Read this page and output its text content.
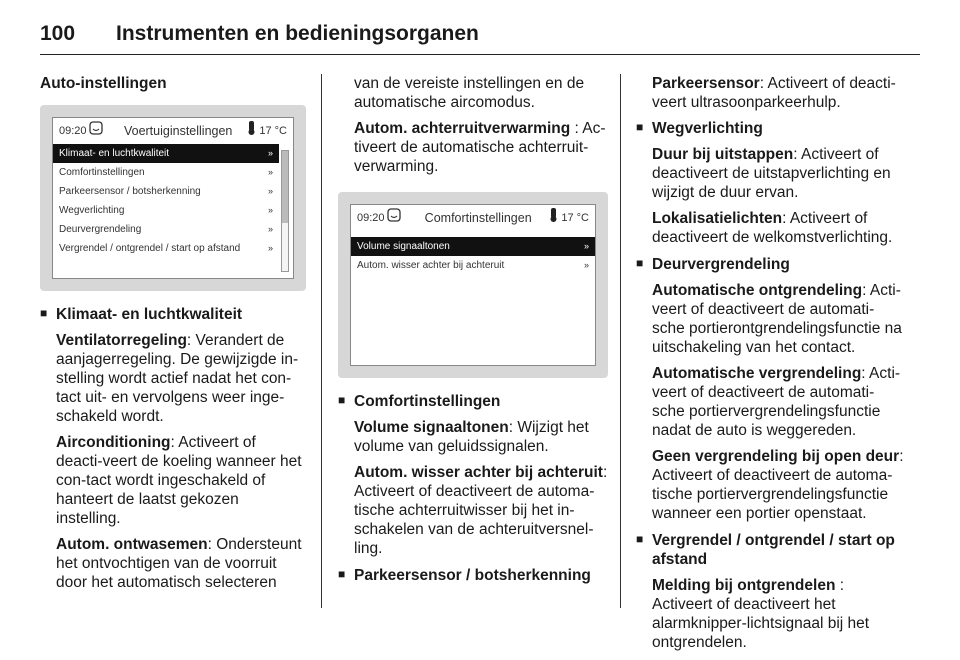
100 Instrumenten en bedieningsorganen
Auto-instellingen
09:20	Voertuiginstellingen	17 °C
Klimaat- en luchtkwaliteit	»
Comfortinstellingen	»
Parkeersensor / botsherkenning	»
Wegverlichting	»
Deurvergrendeling	»
Vergrendel / ontgrendel / start op afstand	»
■ Klimaat- en luchtkwaliteit
Ventilatorregeling: Verandert de aanjagerregeling. De gewijzigde in-stelling wordt actief nadat het con-tact uit- en vervolgens weer inge-schakeld wordt.
Airconditioning: Activeert of deacti-veert de koeling wanneer het con-tact wordt ingeschakeld of hanteert de laatst gekozen instelling.
Autom. ontwasemen: Ondersteunt het ontvochtigen van de voorruit door het automatisch selecteren
van de vereiste instellingen en de automatische aircomodus.
Autom. achterruitverwarming : Ac-tiveert de automatische achterruit-verwarming.
09:20	Comfortinstellingen	17 °C
Volume signaaltonen	»
Autom. wisser achter bij achteruit	»
■ Comfortinstellingen
Volume signaaltonen: Wijzigt het volume van geluidssignalen.
Autom. wisser achter bij achteruit: Activeert of deactiveert de automa-tische achterruitwisser bij het in-schakelen van de achteruitversnel-ling.
■ Parkeersensor / botsherkenning
Parkeersensor: Activeert of deacti-veert ultrasoonparkeerhulp.
■ Wegverlichting
Duur bij uitstappen: Activeert of deactiveert de uitstapverlichting en wijzigt de duur ervan.
Lokalisatielichten: Activeert of deactiveert de welkomstverlichting.
■ Deurvergrendeling
Automatische ontgrendeling: Acti-veert of deactiveert de automati-sche portierontgrendelingsfunctie na uitschakeling van het contact.
Automatische vergrendeling: Acti-veert of deactiveert de automati-sche portiervergrendelingsfunctie nadat de auto is weggereden.
Geen vergrendeling bij open deur: Activeert of deactiveert de automa-tische portiervergrendelingsfunctie wanneer een portier openstaat.
■ Vergrendel / ontgrendel / start op afstand
Melding bij ontgrendelen : Activeert of deactiveert het alarmknipper-lichtsignaal bij het ontgrendelen.
